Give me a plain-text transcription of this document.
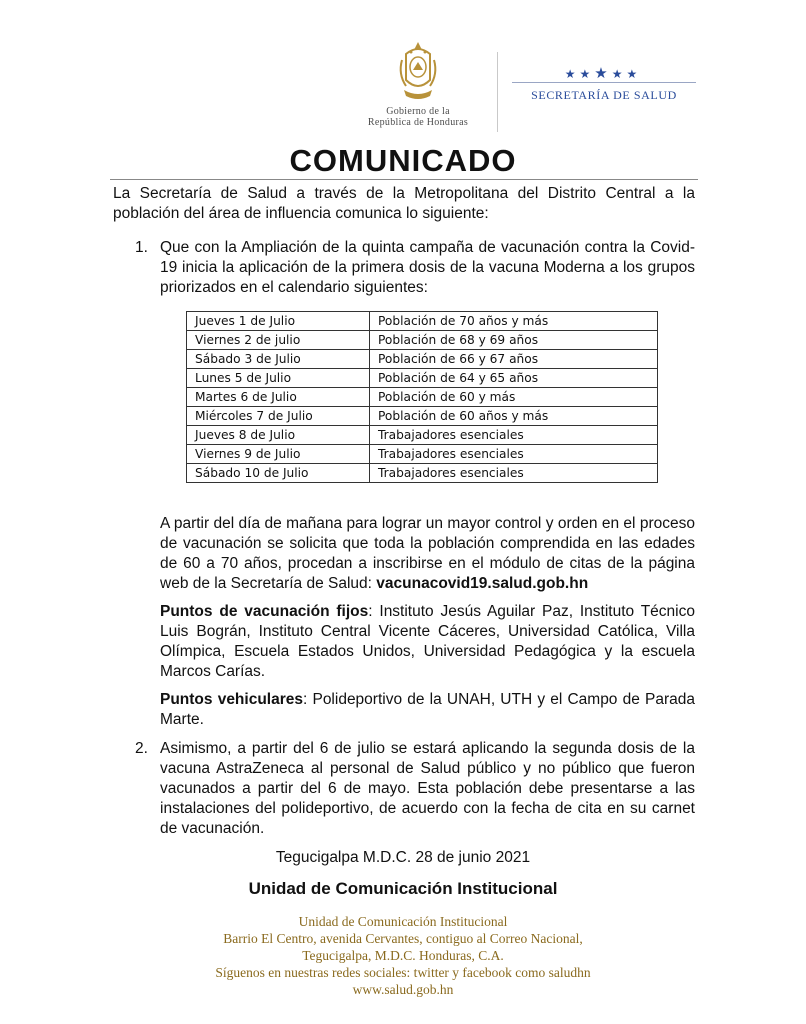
Gobierno de la
República de Honduras
★★★★★
SECRETARÍA DE SALUD
COMUNICADO
La Secretaría de Salud a través de la Metropolitana del Distrito Central a la población del área de influencia comunica lo siguiente:
1. Que con la Ampliación de la quinta campaña de vacunación contra la Covid-19 inicia la aplicación de la primera dosis de la vacuna Moderna a los grupos priorizados en el calendario siguientes:
Jueves 1 de Julio	Población de 70 años y más
Viernes 2 de julio	Población de 68 y 69 años
Sábado 3 de Julio	Población de 66 y 67 años
Lunes 5 de Julio	Población de 64 y 65 años
Martes 6 de Julio	Población de 60 y más
Miércoles 7 de Julio	Población de 60 años y más
Jueves 8 de Julio	Trabajadores esenciales
Viernes 9 de Julio	Trabajadores esenciales
Sábado 10 de Julio	Trabajadores esenciales
A partir del día de mañana para lograr un mayor control y orden en el proceso de vacunación se solicita que toda la población comprendida en las edades de 60 a 70 años, procedan a inscribirse en el módulo de citas de la página web de la Secretaría de Salud: vacunacovid19.salud.gob.hn
Puntos de vacunación fijos: Instituto Jesús Aguilar Paz, Instituto Técnico Luis Bográn, Instituto Central Vicente Cáceres, Universidad Católica, Villa Olímpica, Escuela Estados Unidos, Universidad Pedagógica y la escuela Marcos Carías.
Puntos vehiculares: Polideportivo de la UNAH, UTH y el Campo de Parada Marte.
2. Asimismo, a partir del 6 de julio se estará aplicando la segunda dosis de la vacuna AstraZeneca al personal de Salud público y no público que fueron vacunados a partir del 6 de mayo. Esta población debe presentarse a las instalaciones del polideportivo, de acuerdo con la fecha de cita en su carnet de vacunación.
Tegucigalpa M.D.C. 28 de junio 2021
Unidad de Comunicación Institucional
Unidad de Comunicación Institucional
Barrio El Centro, avenida Cervantes, contiguo al Correo Nacional,
Tegucigalpa, M.D.C. Honduras, C.A.
Síguenos en nuestras redes sociales: twitter y facebook como saludhn
www.salud.gob.hn
